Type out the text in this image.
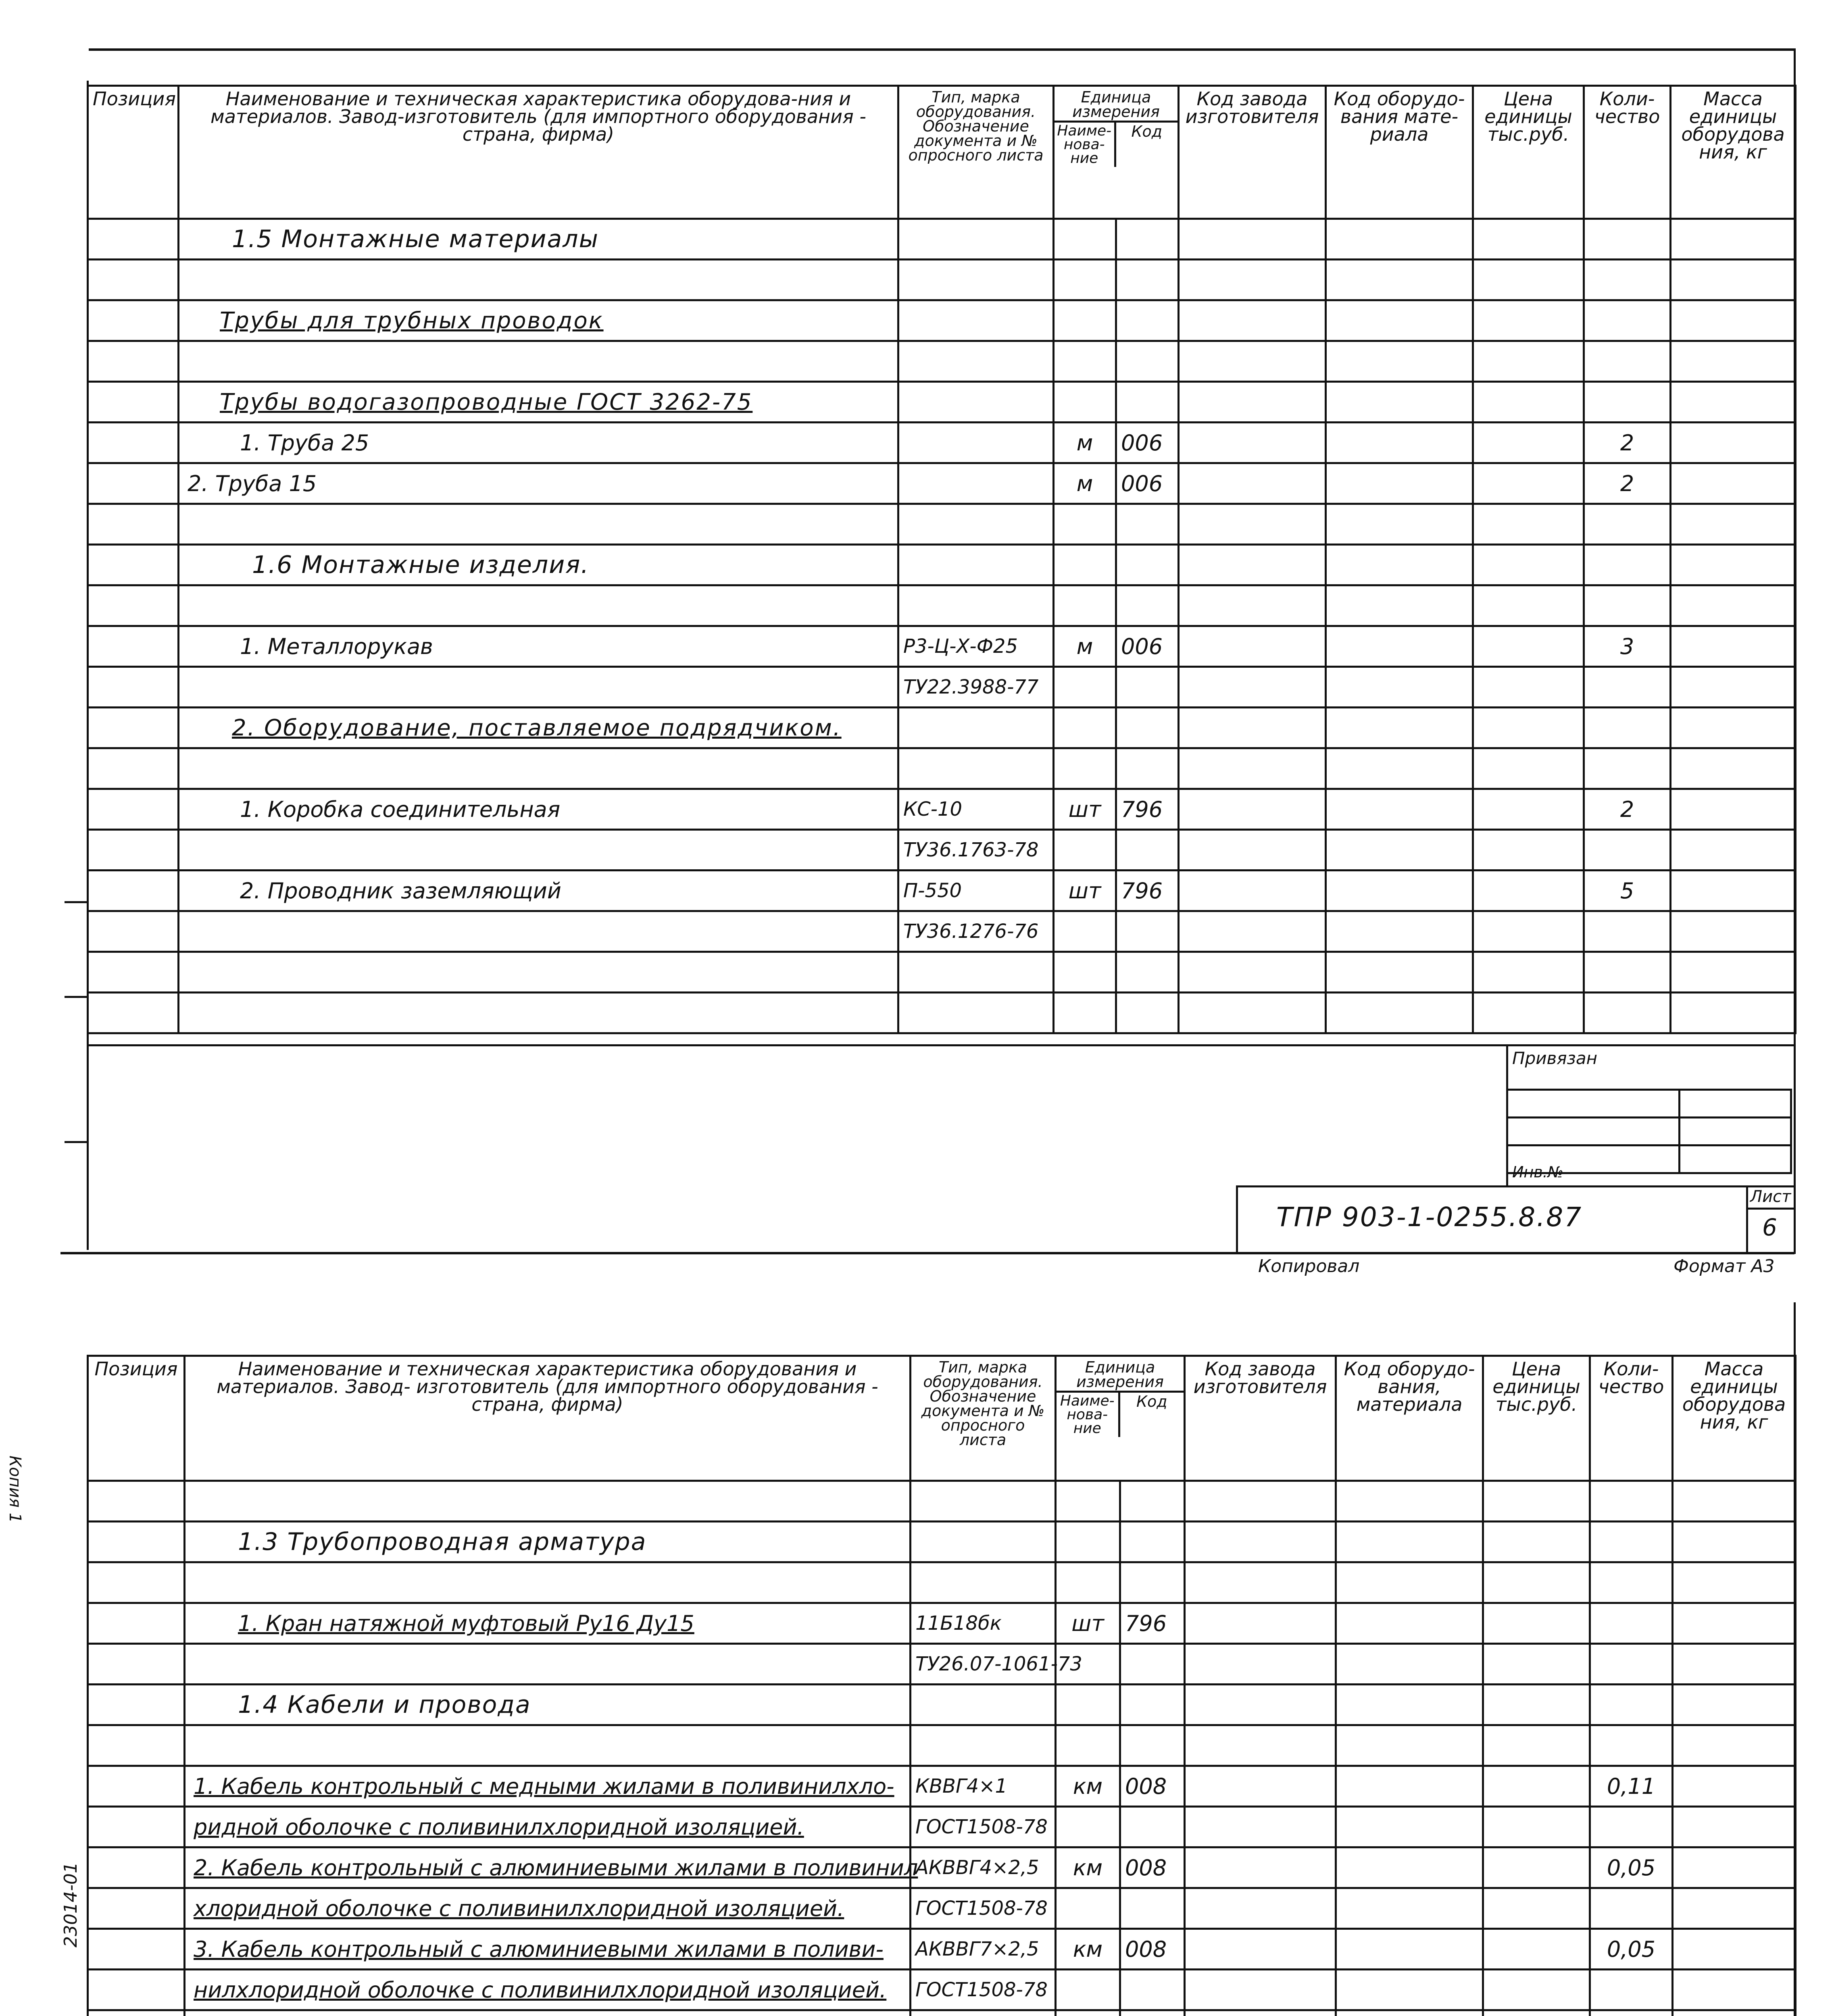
Позиция	Наименование и техническая характеристика оборудова-ния и материалов. Завод-изготовитель (для импортного оборудования - страна, фирма)	Тип, марка оборудования. Обозначение документа и № опросного листа	Единица измерения
Наиме-нова-ние
Код		Код завода изготовителя	Код оборудо-вания мате-риала	Цена единицы тыс.руб.	Коли-чество	Масса единицы оборудова ния, кг
	1.5 Монтажные материалы								

	Трубы для трубных проводок								

	Трубы водогазопроводные ГОСТ 3262-75								
	1. Труба 25		м	006				2	
	2. Труба 15		м	006				2	

	1.6 Монтажные изделия.								

	1. Металлорукав	Р3-Ц-Х-Ф25	м	006				3	
		ТУ22.3988-77							
	2. Оборудование, поставляемое подрядчиком.								

	1. Коробка соединительная	КС-10	шт	796				2	
		ТУ36.1763-78							
	2. Проводник заземляющий	П-550	шт	796				5	
		ТУ36.1276-76							

Привязан
Инв.№
ТПР 903-1-0255.8.87
Лист
6
Копировал	Формат А3
Копия 1
23014-01
Позиция	Наименование и техническая характеристика оборудования и материалов. Завод- изготовитель (для импортного оборудования - страна, фирма)	Тип, марка оборудования. Обозначение документа и № опросного листа	Единица измерения
Наиме-нова-ние
Код		Код завода изготовителя	Код оборудо-вания, материала	Цена единицы тыс.руб.	Коли-чество	Масса единицы оборудова ния, кг

	1.3 Трубопроводная арматура								

	1. Кран натяжной муфтовый Ру16 Ду15	11Б18бк	шт	796					
		ТУ26.07-1061-73							
	1.4 Кабели и провода								

	1. Кабель контрольный с медными жилами в поливинилхло-	КВВГ4×1	км	008				0,11	
	ридной оболочке с поливинилхлоридной изоляцией.	ГОСТ1508-78							
	2. Кабель контрольный с алюминиевыми жилами в поливинил	АКВВГ4×2,5	км	008				0,05	
	хлоридной оболочке с поливинилхлоридной изоляцией.	ГОСТ1508-78							
	3. Кабель контрольный с алюминиевыми жилами в поливи-	АКВВГ7×2,5	км	008				0,05	
	нилхлоридной оболочке с поливинилхлоридной изоляцией.	ГОСТ1508-78							
